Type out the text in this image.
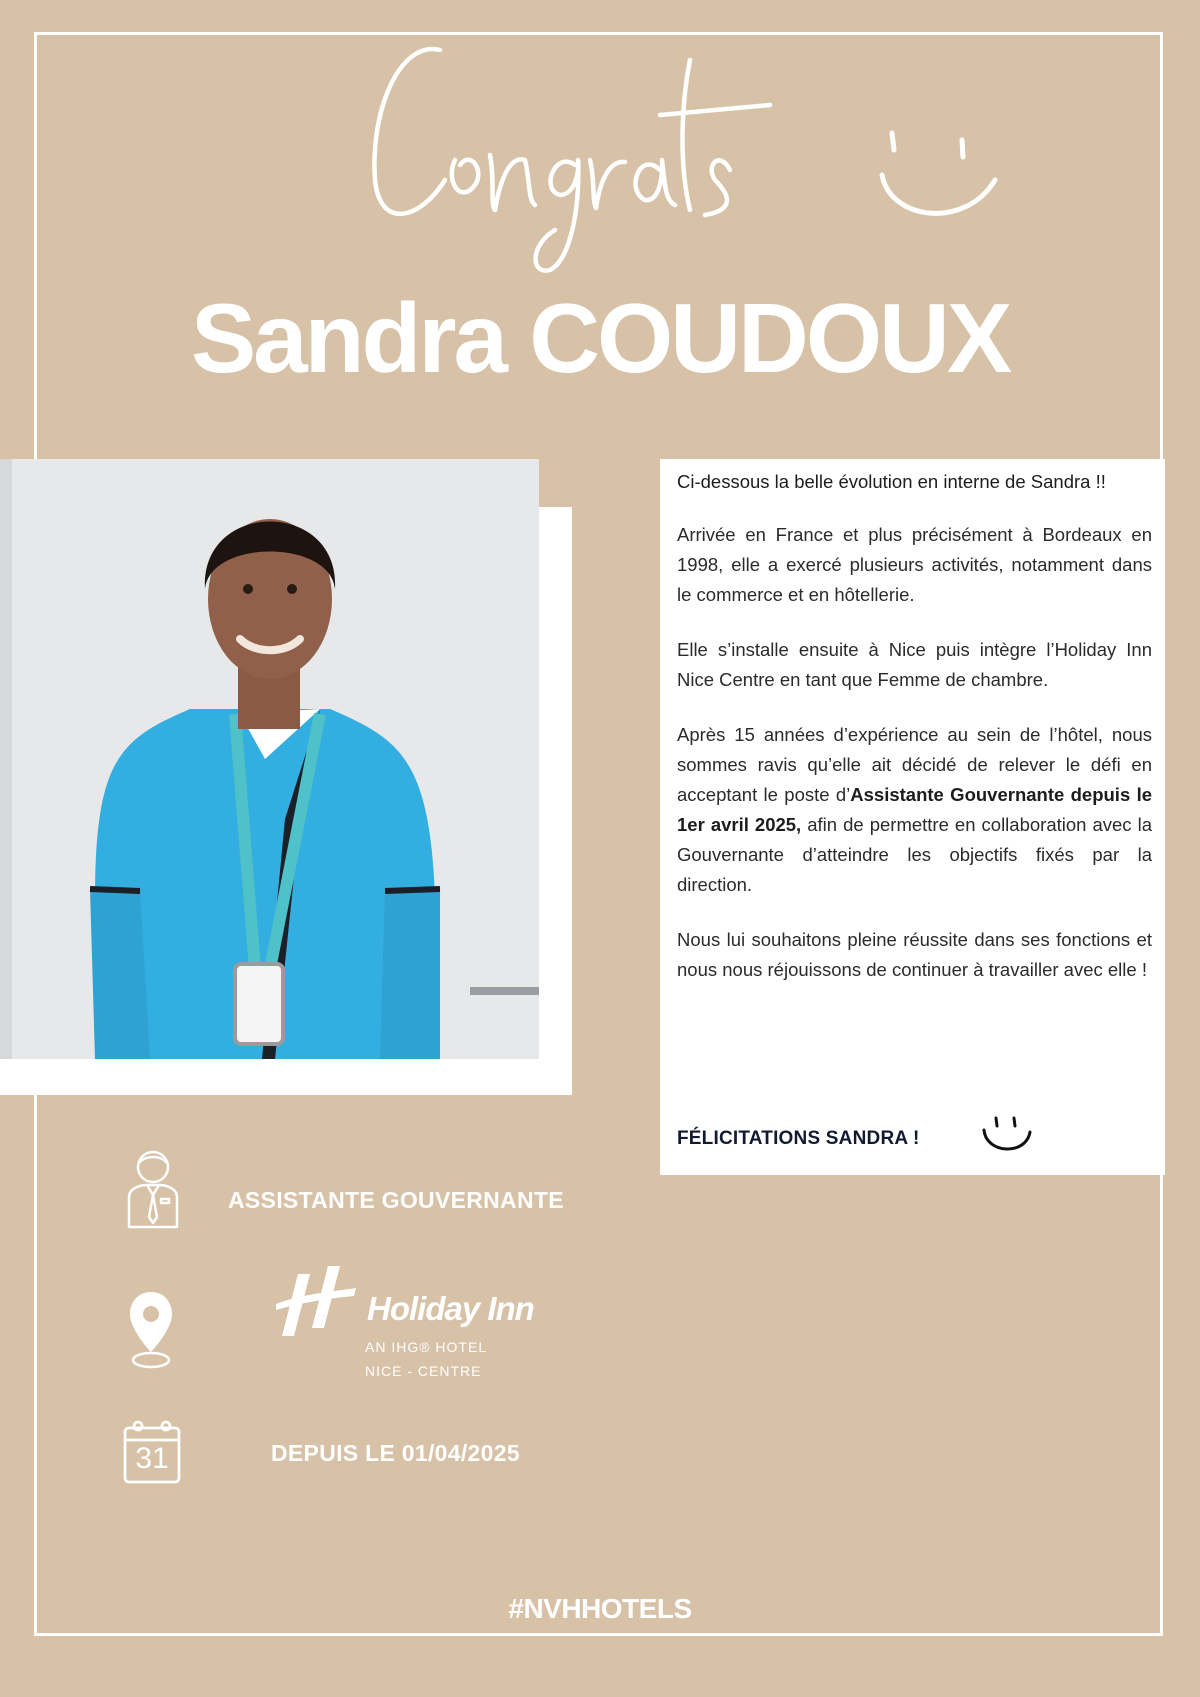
Sandra COUDOUX

Ci-dessous la belle évolution en interne de Sandra !!

Arrivée en France et plus précisément à Bordeaux en 1998, elle a exercé plusieurs activités, notamment dans le commerce et en hôtellerie.

Elle s’installe ensuite à Nice puis intègre l’Holiday Inn Nice Centre en tant que Femme de chambre.

Après 15 années d’expérience au sein de l’hôtel, nous sommes ravis qu’elle ait décidé de relever le défi en acceptant le poste d’Assistante Gouvernante depuis le 1er avril 2025, afin de permettre en collaboration avec la Gouvernante d’atteindre les objectifs fixés par la direction.

Nous lui souhaitons pleine réussite dans ses fonctions et nous nous réjouissons de continuer à travailler avec elle !

FÉLICITATIONS SANDRA !
ASSISTANTE GOUVERNANTE
Holiday Inn
AN IHG® HOTEL
NICE - CENTRE
31	DEPUIS LE 01/04/2025
#NVHHOTELS
